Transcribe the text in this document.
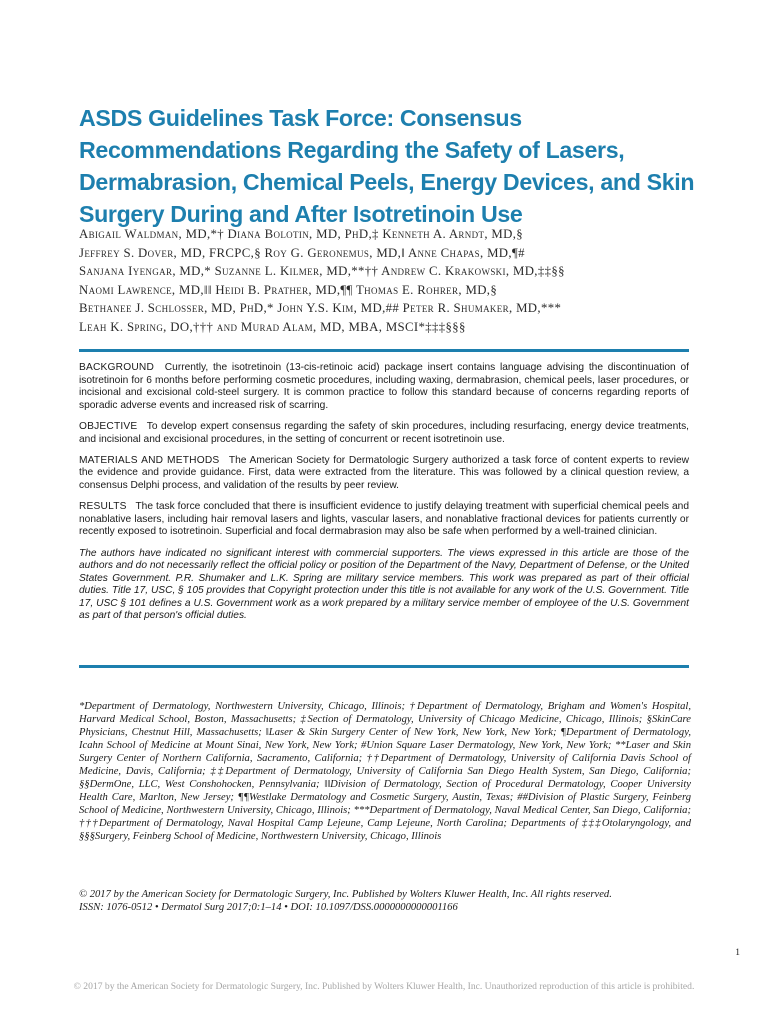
ASDS Guidelines Task Force: Consensus
Recommendations Regarding the Safety of Lasers,
Dermabrasion, Chemical Peels, Energy Devices, and Skin
Surgery During and After Isotretinoin Use
Abigail Waldman, MD,*† Diana Bolotin, MD, PhD,‡ Kenneth A. Arndt, MD,§
Jeffrey S. Dover, MD, FRCPC,§ Roy G. Geronemus, MD,‖ Anne Chapas, MD,¶#
Sanjana Iyengar, MD,* Suzanne L. Kilmer, MD,**†† Andrew C. Krakowski, MD,‡‡§§
Naomi Lawrence, MD,‖‖ Heidi B. Prather, MD,¶¶ Thomas E. Rohrer, MD,§
Bethanee J. Schlosser, MD, PhD,* John Y.S. Kim, MD,## Peter R. Shumaker, MD,***
Leah K. Spring, DO,††† and Murad Alam, MD, MBA, MSCI*‡‡‡§§§

BACKGROUND Currently, the isotretinoin (13-cis-retinoic acid) package insert contains language advising the discontinuation of isotretinoin for 6 months before performing cosmetic procedures, including waxing, dermabrasion, chemical peels, laser procedures, or incisional and excisional cold-steel surgery. It is common practice to follow this standard because of concerns regarding reports of sporadic adverse events and increased risk of scarring.

OBJECTIVE To develop expert consensus regarding the safety of skin procedures, including resurfacing, energy device treatments, and incisional and excisional procedures, in the setting of concurrent or recent isotretinoin use.

MATERIALS AND METHODS The American Society for Dermatologic Surgery authorized a task force of content experts to review the evidence and provide guidance. First, data were extracted from the literature. This was followed by a clinical question review, a consensus Delphi process, and validation of the results by peer review.

RESULTS The task force concluded that there is insufficient evidence to justify delaying treatment with superficial chemical peels and nonablative lasers, including hair removal lasers and lights, vascular lasers, and nonablative fractional devices for patients currently or recently exposed to isotretinoin. Superficial and focal dermabrasion may also be safe when performed by a well-trained clinician.

The authors have indicated no significant interest with commercial supporters. The views expressed in this article are those of the authors and do not necessarily reflect the official policy or position of the Department of the Navy, Department of Defense, or the United States Government. P.R. Shumaker and L.K. Spring are military service members. This work was prepared as part of their official duties. Title 17, USC, § 105 provides that Copyright protection under this title is not available for any work of the U.S. Government. Title 17, USC § 101 defines a U.S. Government work as a work prepared by a military service member of employee of the U.S. Government as part of that person's official duties.

*Department of Dermatology, Northwestern University, Chicago, Illinois; †Department of Dermatology, Brigham and Women's Hospital, Harvard Medical School, Boston, Massachusetts; ‡Section of Dermatology, University of Chicago Medicine, Chicago, Illinois; §SkinCare Physicians, Chestnut Hill, Massachusetts; ‖Laser & Skin Surgery Center of New York, New York, New York; ¶Department of Dermatology, Icahn School of Medicine at Mount Sinai, New York, New York; #Union Square Laser Dermatology, New York, New York; **Laser and Skin Surgery Center of Northern California, Sacramento, California; ††Department of Dermatology, University of California Davis School of Medicine, Davis, California; ‡‡Department of Dermatology, University of California San Diego Health System, San Diego, California; §§DermOne, LLC, West Conshohocken, Pennsylvania; ‖‖Division of Dermatology, Section of Procedural Dermatology, Cooper University Health Care, Marlton, New Jersey; ¶¶Westlake Dermatology and Cosmetic Surgery, Austin, Texas; ##Division of Plastic Surgery, Feinberg School of Medicine, Northwestern University, Chicago, Illinois; ***Department of Dermatology, Naval Medical Center, San Diego, California; †††Department of Dermatology, Naval Hospital Camp Lejeune, Camp Lejeune, North Carolina; Departments of ‡‡‡Otolaryngology, and §§§Surgery, Feinberg School of Medicine, Northwestern University, Chicago, Illinois
© 2017 by the American Society for Dermatologic Surgery, Inc. Published by Wolters Kluwer Health, Inc. All rights reserved.
ISSN: 1076-0512 • Dermatol Surg 2017;0:1–14 • DOI: 10.1097/DSS.0000000000001166
1
© 2017 by the American Society for Dermatologic Surgery, Inc. Published by Wolters Kluwer Health, Inc. Unauthorized reproduction of this article is prohibited.
